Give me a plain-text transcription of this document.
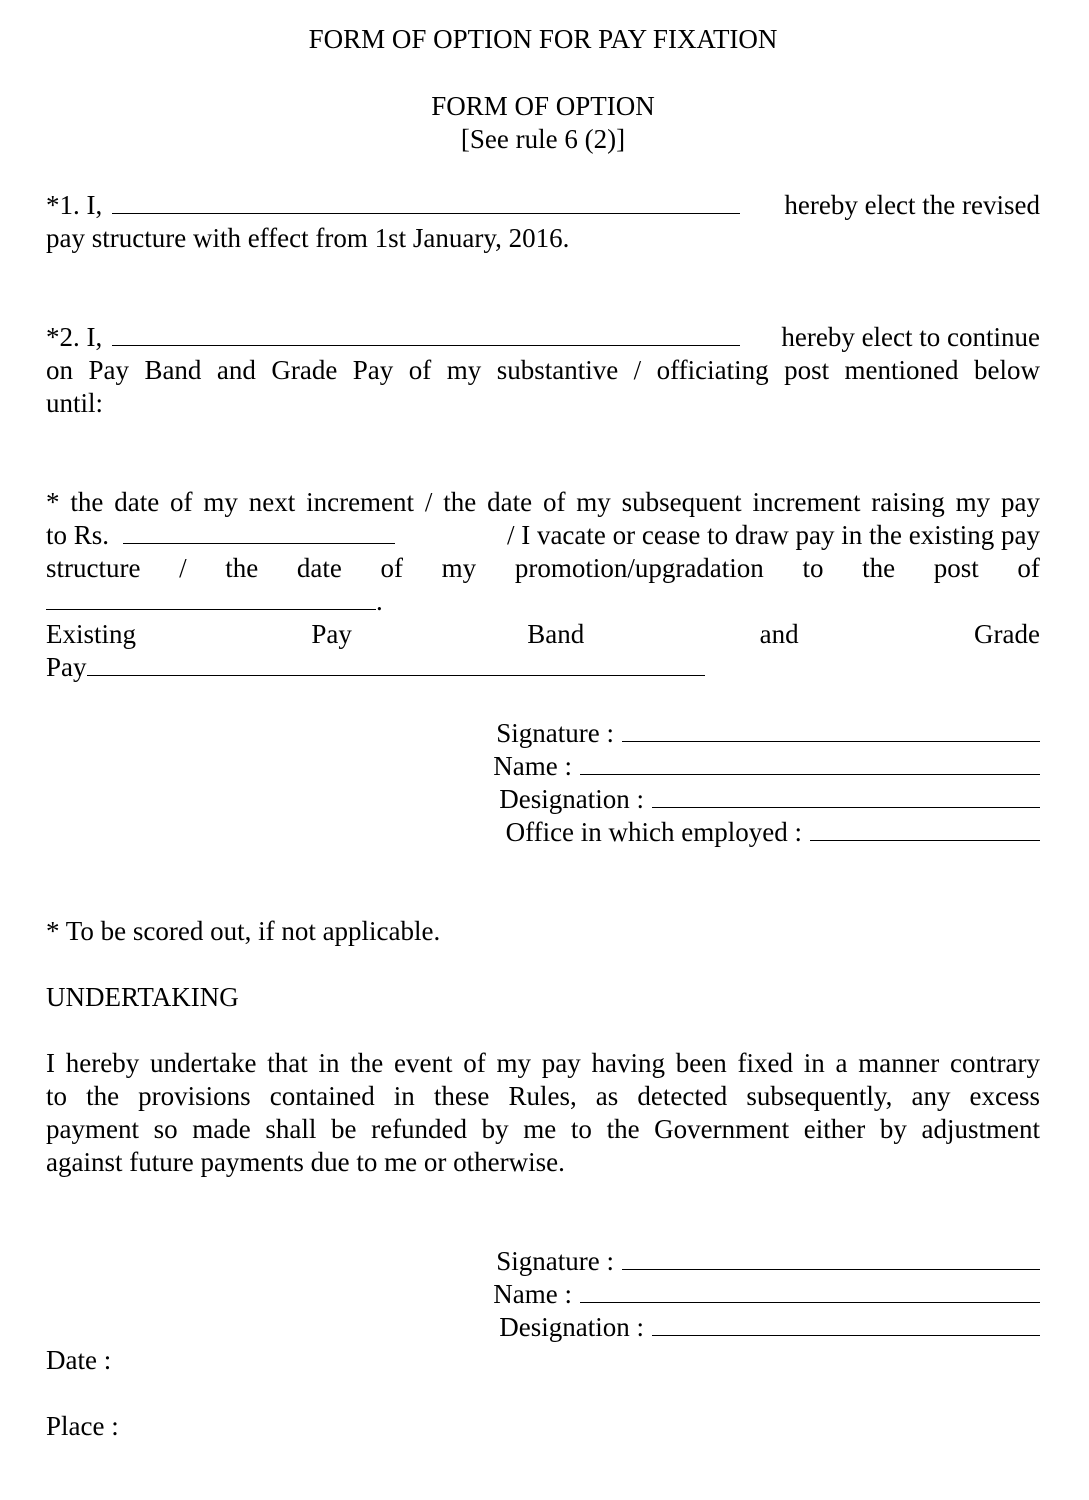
FORM OF OPTION FOR PAY FIXATION
FORM OF OPTION
[See rule 6 (2)]
*1. I,	hereby elect the revised
pay structure with effect from 1st January, 2016.
*2. I,	hereby elect to continue
on Pay Band and Grade Pay of my substantive / officiating post mentioned below
until:
* the date of my next increment / the date of my subsequent increment raising my pay
to Rs.	/ I vacate or cease to draw pay in the existing pay
structure / the date of my promotion/upgradation to the post of
.
Existing	Pay	Band	and	Grade
Pay
Signature :
Name :
Designation :
Office in which employed :
* To be scored out, if not applicable.
UNDERTAKING
I hereby undertake that in the event of my pay having been fixed in a manner contrary
to the provisions contained in these Rules, as detected subsequently, any excess
payment so made shall be refunded by me to the Government either by adjustment
against future payments due to me or otherwise.
Signature :
Name :
Designation :
Date :
Place :
